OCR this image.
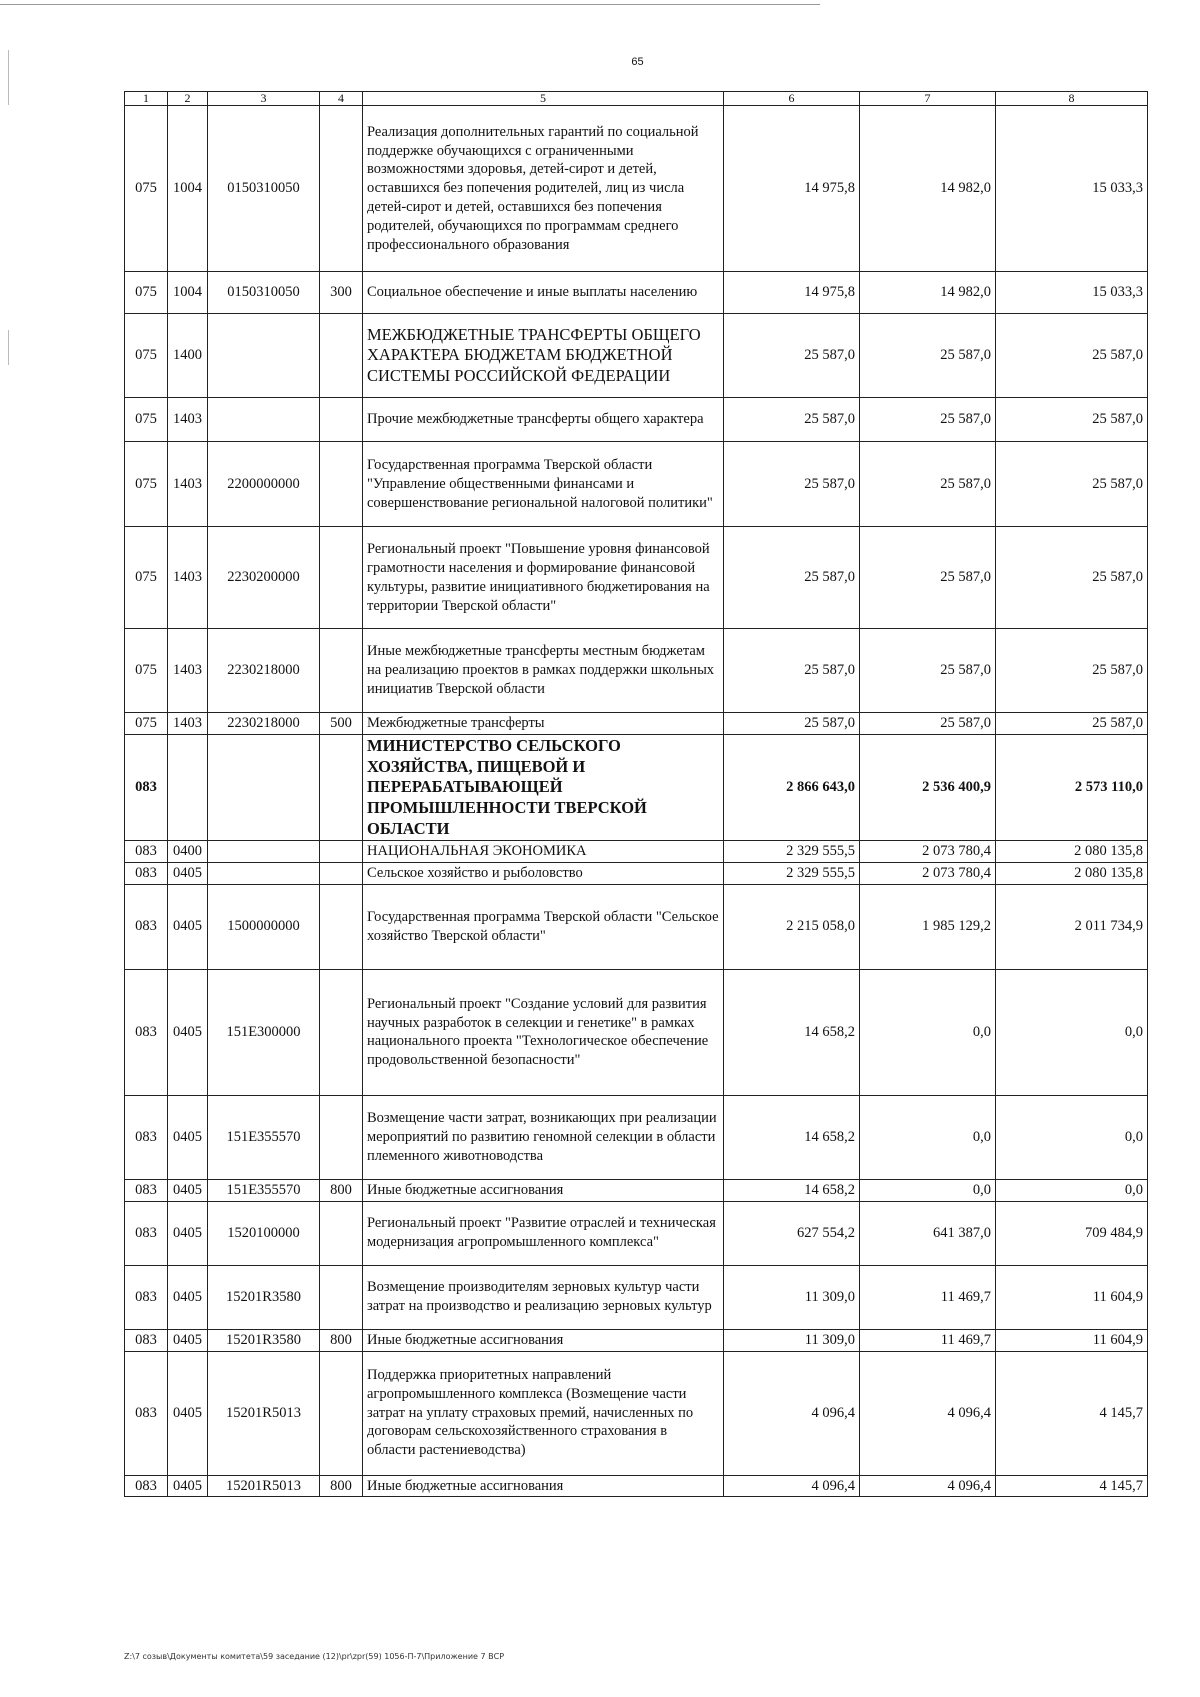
65
1	2	3	4	5	6	7	8
075	1004	0150310050		Реализация дополнительных гарантий по социальной поддержке обучающихся с ограниченными возможностями здоровья, детей-сирот и детей, оставшихся без попечения родителей, лиц из числа детей-сирот и детей, оставшихся без попечения родителей, обучающихся по программам среднего профессионального образования	14 975,8	14 982,0	15 033,3
075	1004	0150310050	300	Социальное обеспечение и иные выплаты населению	14 975,8	14 982,0	15 033,3
075	1400			МЕЖБЮДЖЕТНЫЕ ТРАНСФЕРТЫ ОБЩЕГО ХАРАКТЕРА БЮДЖЕТАМ БЮДЖЕТНОЙ СИСТЕМЫ РОССИЙСКОЙ ФЕДЕРАЦИИ	25 587,0	25 587,0	25 587,0
075	1403			Прочие межбюджетные трансферты общего характера	25 587,0	25 587,0	25 587,0
075	1403	2200000000		Государственная программа Тверской области "Управление общественными финансами и совершенствование региональной налоговой политики"	25 587,0	25 587,0	25 587,0
075	1403	2230200000		Региональный проект "Повышение уровня финансовой грамотности населения и формирование финансовой культуры, развитие инициативного бюджетирования на территории Тверской области"	25 587,0	25 587,0	25 587,0
075	1403	2230218000		Иные межбюджетные трансферты местным бюджетам на реализацию проектов в рамках поддержки школьных инициатив Тверской области	25 587,0	25 587,0	25 587,0
075	1403	2230218000	500	Межбюджетные трансферты	25 587,0	25 587,0	25 587,0
083				МИНИСТЕРСТВО СЕЛЬСКОГО ХОЗЯЙСТВА, ПИЩЕВОЙ И ПЕРЕРАБАТЫВАЮЩЕЙ ПРОМЫШЛЕННОСТИ ТВЕРСКОЙ ОБЛАСТИ	2 866 643,0	2 536 400,9	2 573 110,0
083	0400			НАЦИОНАЛЬНАЯ ЭКОНОМИКА	2 329 555,5	2 073 780,4	2 080 135,8
083	0405			Сельское хозяйство и рыболовство	2 329 555,5	2 073 780,4	2 080 135,8
083	0405	1500000000		Государственная программа Тверской области "Сельское хозяйство Тверской области"	2 215 058,0	1 985 129,2	2 011 734,9
083	0405	151E300000		Региональный проект "Создание условий для развития научных разработок в селекции и генетике" в рамках национального проекта "Технологическое обеспечение продовольственной безопасности"	14 658,2	0,0	0,0
083	0405	151E355570		Возмещение части затрат, возникающих при реализации мероприятий по развитию геномной селекции в области племенного животноводства	14 658,2	0,0	0,0
083	0405	151E355570	800	Иные бюджетные ассигнования	14 658,2	0,0	0,0
083	0405	1520100000		Региональный проект "Развитие отраслей и техническая модернизация агропромышленного комплекса"	627 554,2	641 387,0	709 484,9
083	0405	15201R3580		Возмещение производителям зерновых культур части затрат на производство и реализацию зерновых культур	11 309,0	11 469,7	11 604,9
083	0405	15201R3580	800	Иные бюджетные ассигнования	11 309,0	11 469,7	11 604,9
083	0405	15201R5013		Поддержка приоритетных направлений агропромышленного комплекса (Возмещение части затрат на уплату страховых премий, начисленных по договорам сельскохозяйственного страхования в области растениеводства)	4 096,4	4 096,4	4 145,7
083	0405	15201R5013	800	Иные бюджетные ассигнования	4 096,4	4 096,4	4 145,7
Z:\7 созыв\Документы комитета\59 заседание (12)\pr\zpr(59) 1056-П-7\Приложение 7 ВСР
